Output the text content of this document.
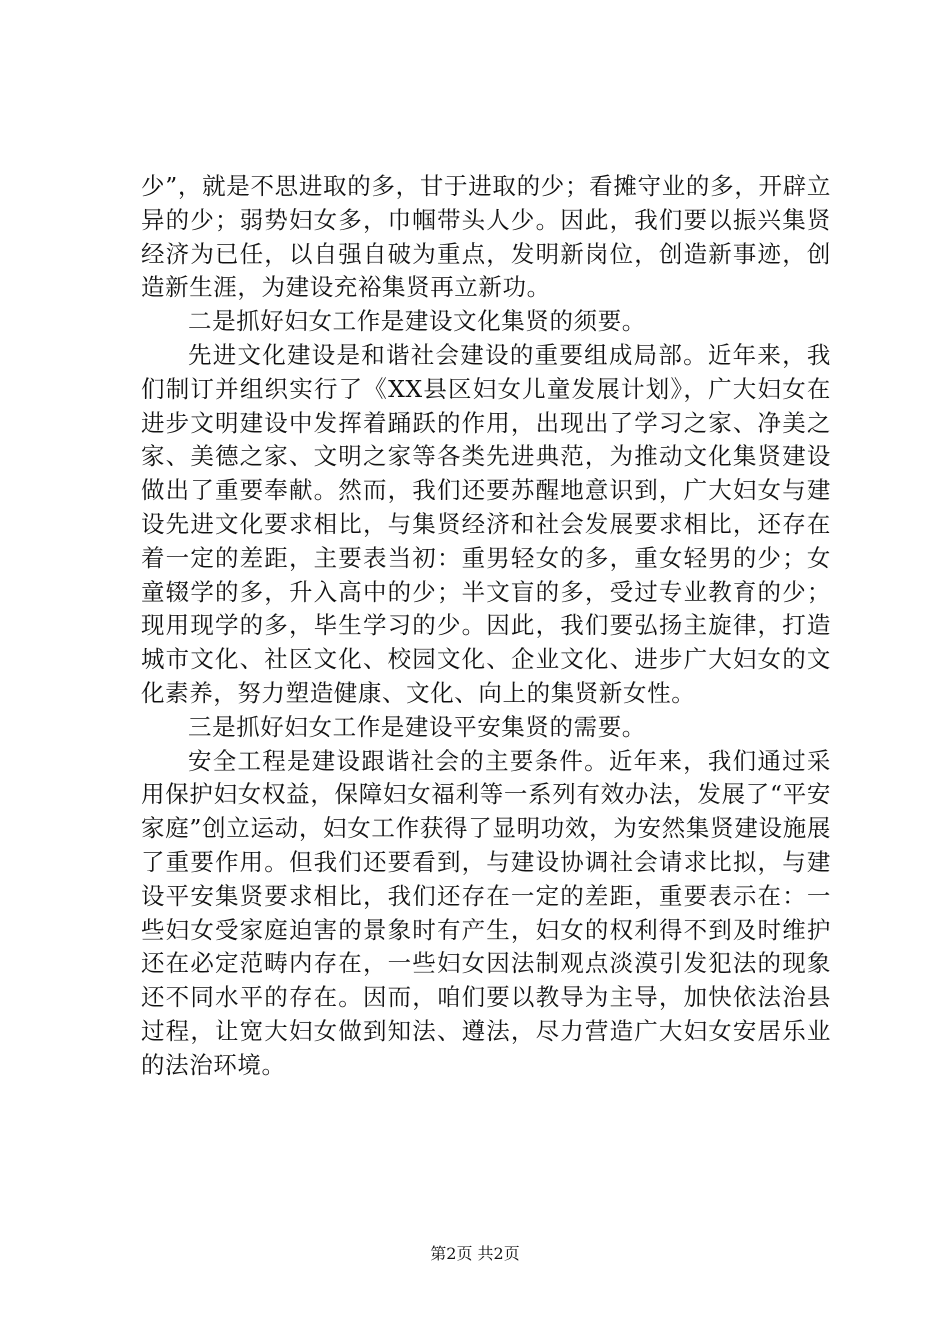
少”，就是不思进取的多，甘于进取的少；看摊守业的多，开辟立异的少；弱势妇女多，巾帼带头人少。因此，我们要以振兴集贤经济为已任，以自强自破为重点，发明新岗位，创造新事迹，创造新生涯，为建设充裕集贤再立新功。

二是抓好妇女工作是建设文化集贤的须要。

先进文化建设是和谐社会建设的重要组成局部。近年来，我们制订并组织实行了《XX县区妇女儿童发展计划》，广大妇女在进步文明建设中发挥着踊跃的作用，出现出了学习之家、净美之家、美德之家、文明之家等各类先进典范，为推动文化集贤建设做出了重要奉献。然而，我们还要苏醒地意识到，广大妇女与建设先进文化要求相比，与集贤经济和社会发展要求相比，还存在着一定的差距，主要表当初：重男轻女的多，重女轻男的少；女童辍学的多，升入高中的少；半文盲的多，受过专业教育的少；现用现学的多，毕生学习的少。因此，我们要弘扬主旋律，打造城市文化、社区文化、校园文化、企业文化、进步广大妇女的文化素养，努力塑造健康、文化、向上的集贤新女性。

三是抓好妇女工作是建设平安集贤的需要。

安全工程是建设跟谐社会的主要条件。近年来，我们通过采用保护妇女权益，保障妇女福利等一系列有效办法，发展了“平安家庭”创立运动，妇女工作获得了显明功效，为安然集贤建设施展了重要作用。但我们还要看到，与建设协调社会请求比拟，与建设平安集贤要求相比，我们还存在一定的差距，重要表示在：一些妇女受家庭迫害的景象时有产生，妇女的权利得不到及时维护还在必定范畴内存在，一些妇女因法制观点淡漠引发犯法的现象还不同水平的存在。因而，咱们要以教导为主导，加快依法治县过程，让宽大妇女做到知法、遵法，尽力营造广大妇女安居乐业的法治环境。

第2页 共2页
